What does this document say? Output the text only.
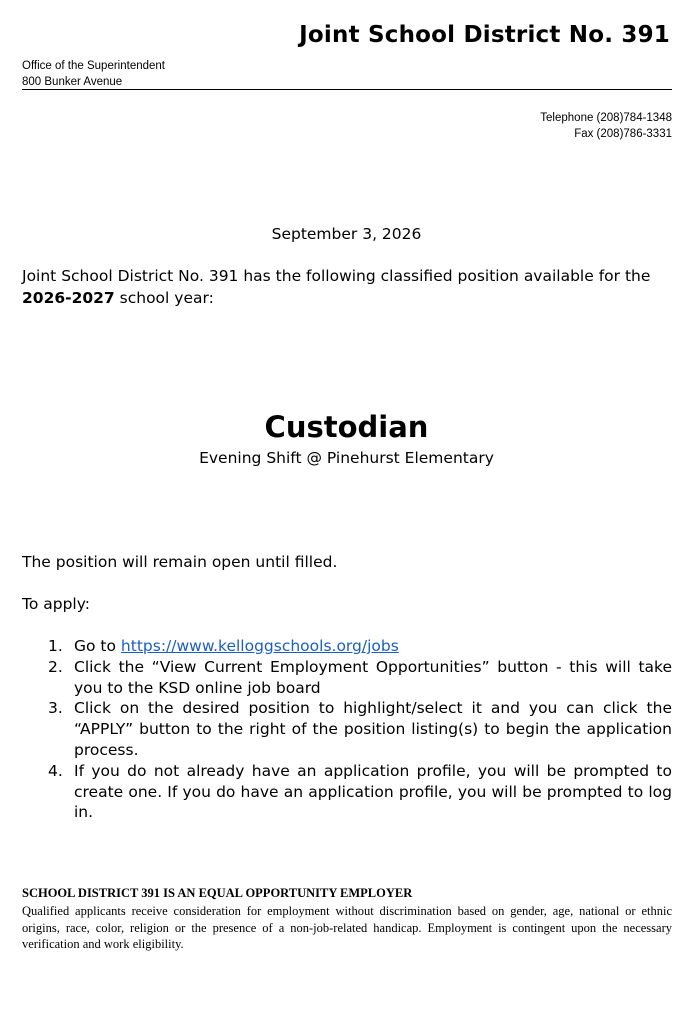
Joint School District No. 391
Office of the Superintendent
800 Bunker Avenue
Telephone (208)784-1348
Fax (208)786-3331
September 3, 2026
Joint School District No. 391 has the following classified position available for the
2026-2027 school year:
Custodian
Evening Shift @ Pinehurst Elementary
The position will remain open until filled.
To apply:
1. Go to https://www.kelloggschools.org/jobs
2. Click the “View Current Employment Opportunities” button - this will take you to the KSD online job board
3. Click on the desired position to highlight/select it and you can click the “APPLY” button to the right of the position listing(s) to begin the application process.
4. If you do not already have an application profile, you will be prompted to create one. If you do have an application profile, you will be prompted to log in.
SCHOOL DISTRICT 391 IS AN EQUAL OPPORTUNITY EMPLOYER
Qualified applicants receive consideration for employment without discrimination based on gender, age, national or ethnic origins, race, color, religion or the presence of a non-job-related handicap. Employment is contingent upon the necessary verification and work eligibility.
